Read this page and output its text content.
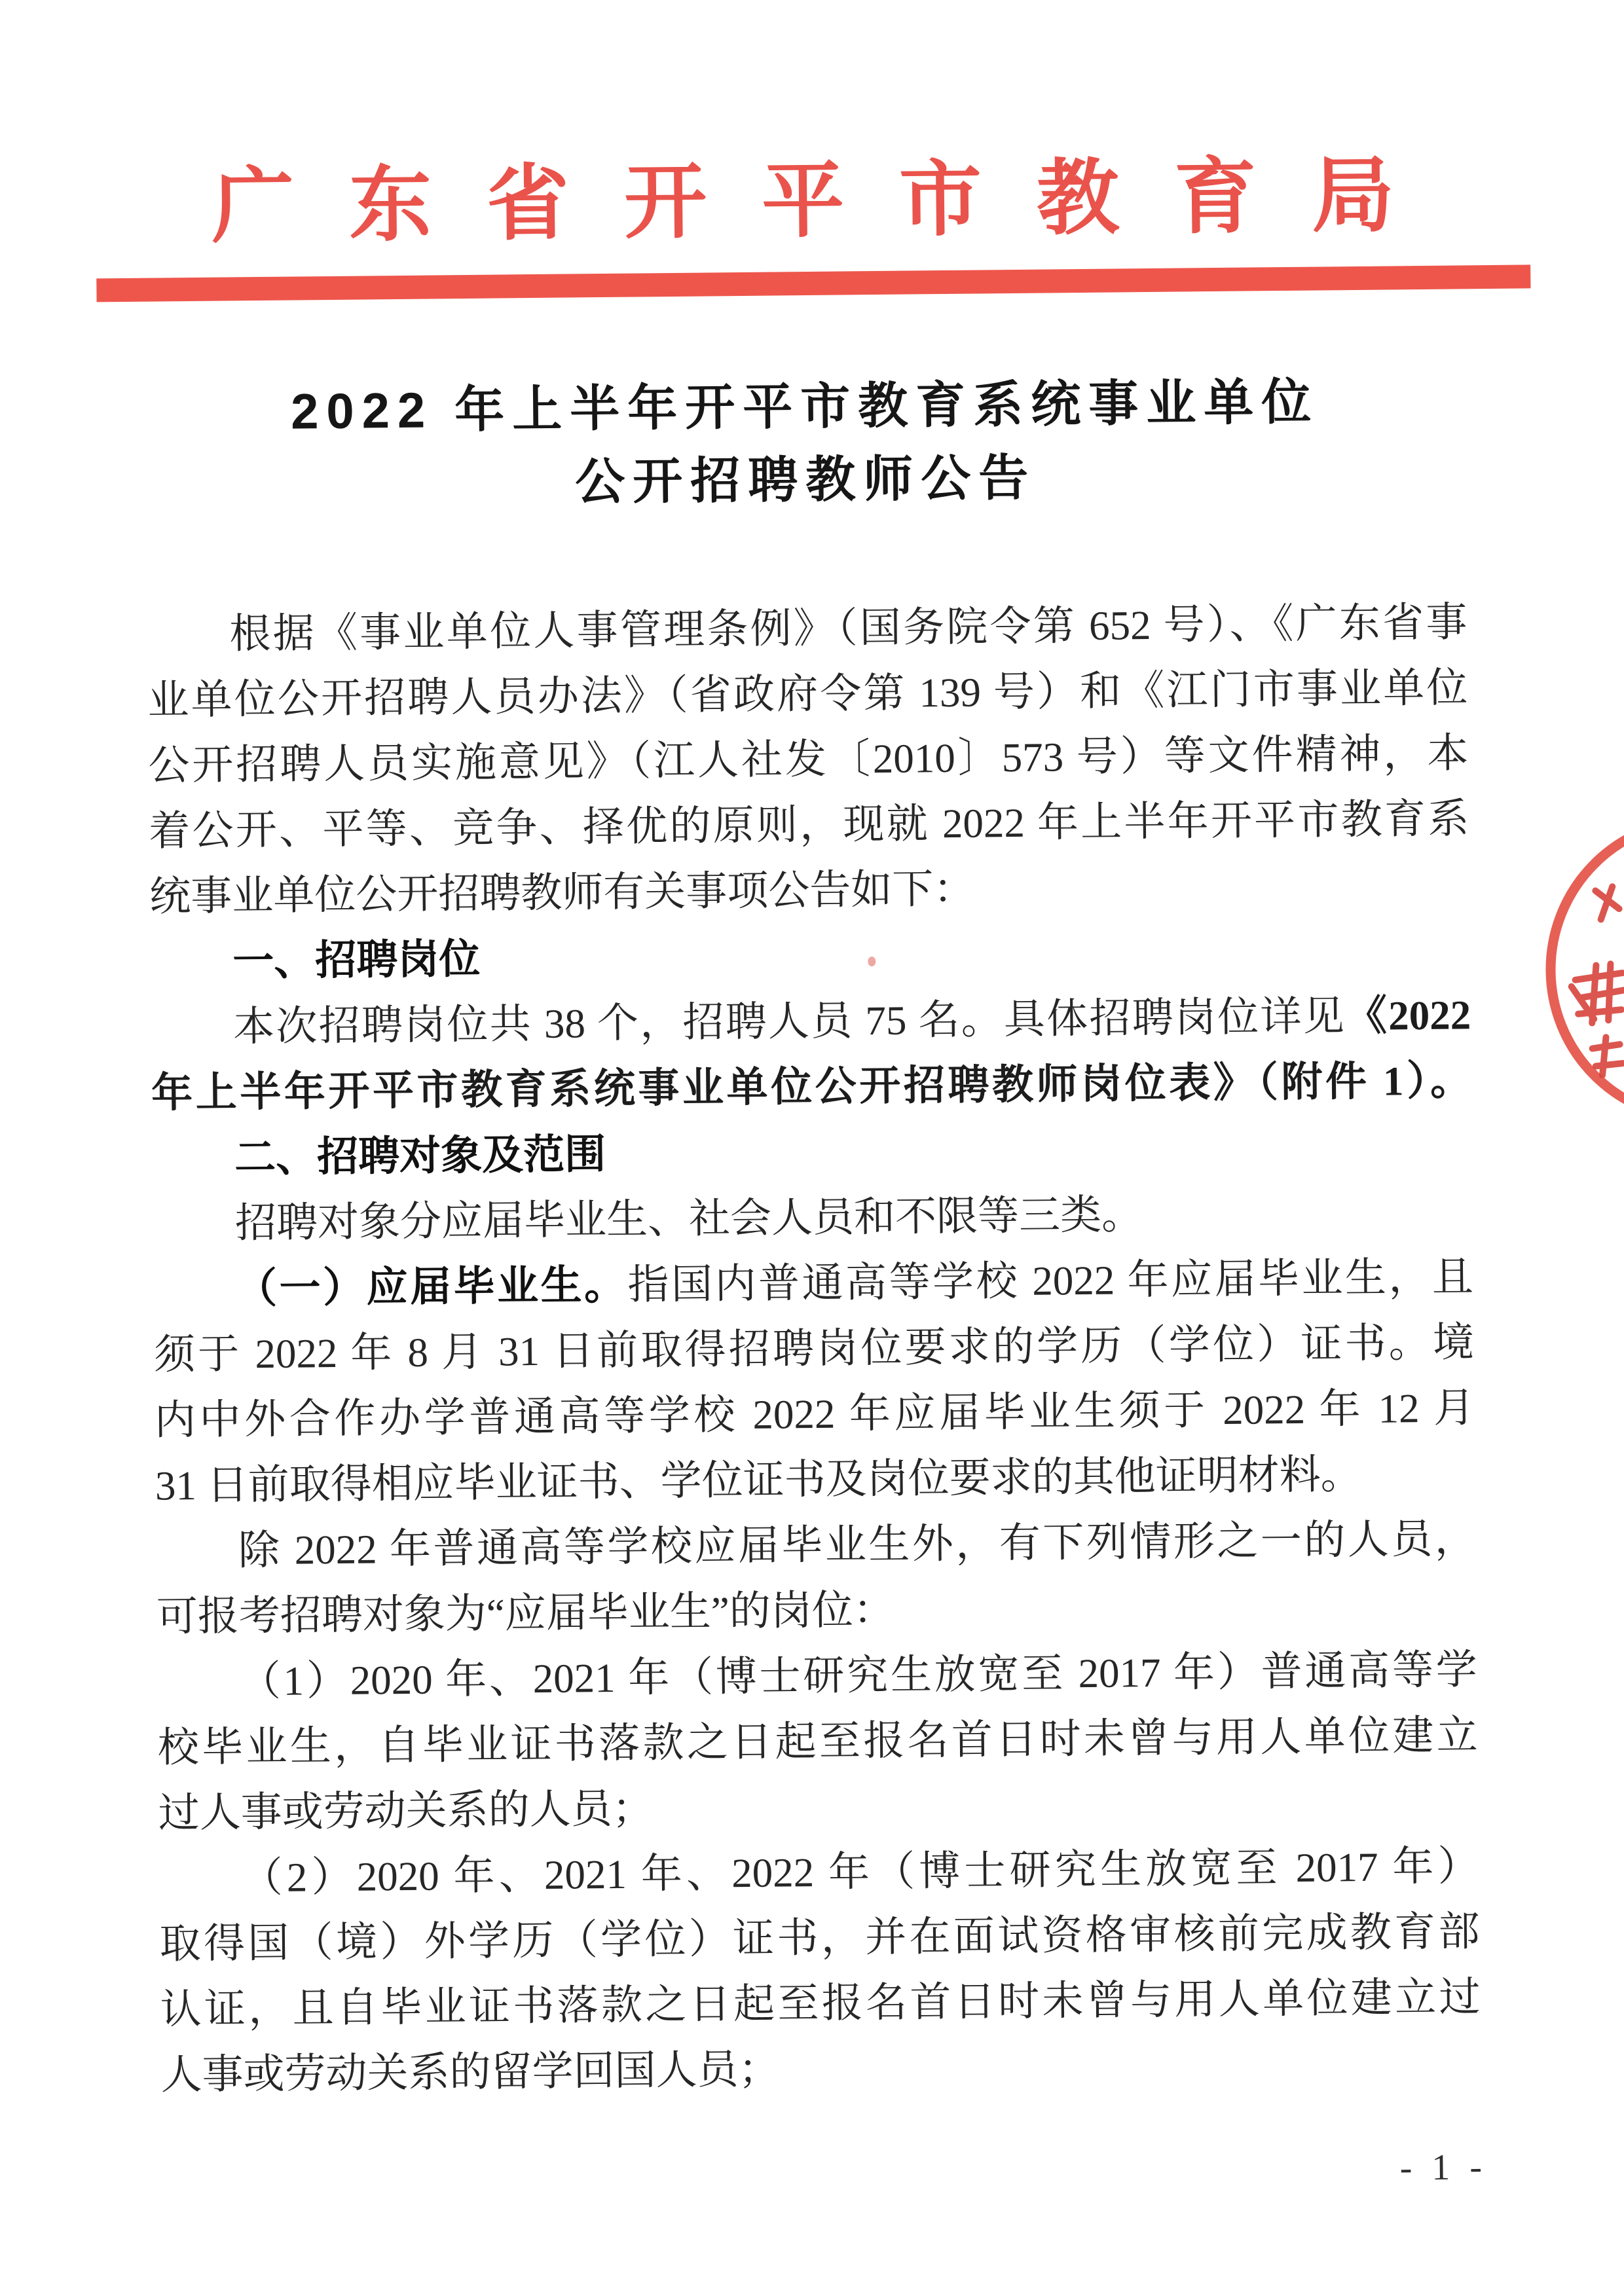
广东省开平市教育局
2022 年上半年开平市教育系统事业单位
公开招聘教师公告
根据《事业单位人事管理条例》（国务院令第 652 号）、《广东省事
业单位公开招聘人员办法》（省政府令第 139 号）和《江门市事业单位
公开招聘人员实施意见》（江人社发〔2010〕573 号）等文件精神，本
着公开、平等、竞争、择优的原则，现就 2022 年上半年开平市教育系
统事业单位公开招聘教师有关事项公告如下：
一、招聘岗位
本次招聘岗位共 38 个，招聘人员 75 名。具体招聘岗位详见《2022
年上半年开平市教育系统事业单位公开招聘教师岗位表》（附件 1）。
二、招聘对象及范围
招聘对象分应届毕业生、社会人员和不限等三类。
（一）应届毕业生。指国内普通高等学校 2022 年应届毕业生，且
须于 2022 年 8 月 31 日前取得招聘岗位要求的学历（学位）证书。境
内中外合作办学普通高等学校 2022 年应届毕业生须于 2022 年 12 月
31 日前取得相应毕业证书、学位证书及岗位要求的其他证明材料。
除 2022 年普通高等学校应届毕业生外，有下列情形之一的人员，
可报考招聘对象为“应届毕业生”的岗位：
（1）2020 年、2021 年（博士研究生放宽至 2017 年）普通高等学
校毕业生，自毕业证书落款之日起至报名首日时未曾与用人单位建立
过人事或劳动关系的人员；
（2）2020 年、2021 年、2022 年（博士研究生放宽至 2017 年）
取得国（境）外学历（学位）证书，并在面试资格审核前完成教育部
认证，且自毕业证书落款之日起至报名首日时未曾与用人单位建立过
人事或劳动关系的留学回国人员；
- 1 -
